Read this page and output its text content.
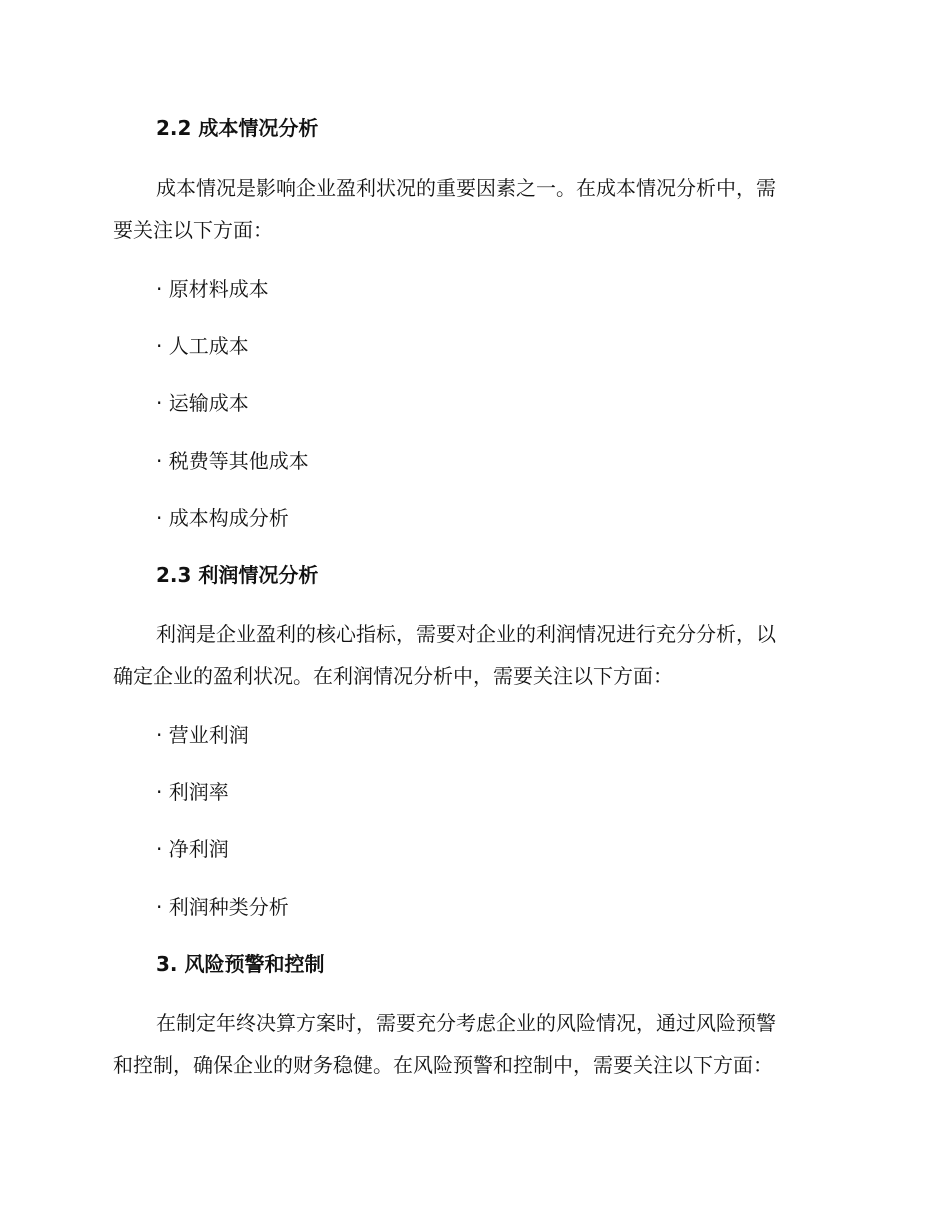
2.2 成本情况分析
成本情况是影响企业盈利状况的重要因素之一。在成本情况分析中，需
要关注以下方面：
· 原材料成本
· 人工成本
· 运输成本
· 税费等其他成本
· 成本构成分析
2.3 利润情况分析
利润是企业盈利的核心指标，需要对企业的利润情况进行充分分析，以
确定企业的盈利状况。在利润情况分析中，需要关注以下方面：
· 营业利润
· 利润率
· 净利润
· 利润种类分析
3. 风险预警和控制
在制定年终决算方案时，需要充分考虑企业的风险情况，通过风险预警
和控制，确保企业的财务稳健。在风险预警和控制中，需要关注以下方面：
